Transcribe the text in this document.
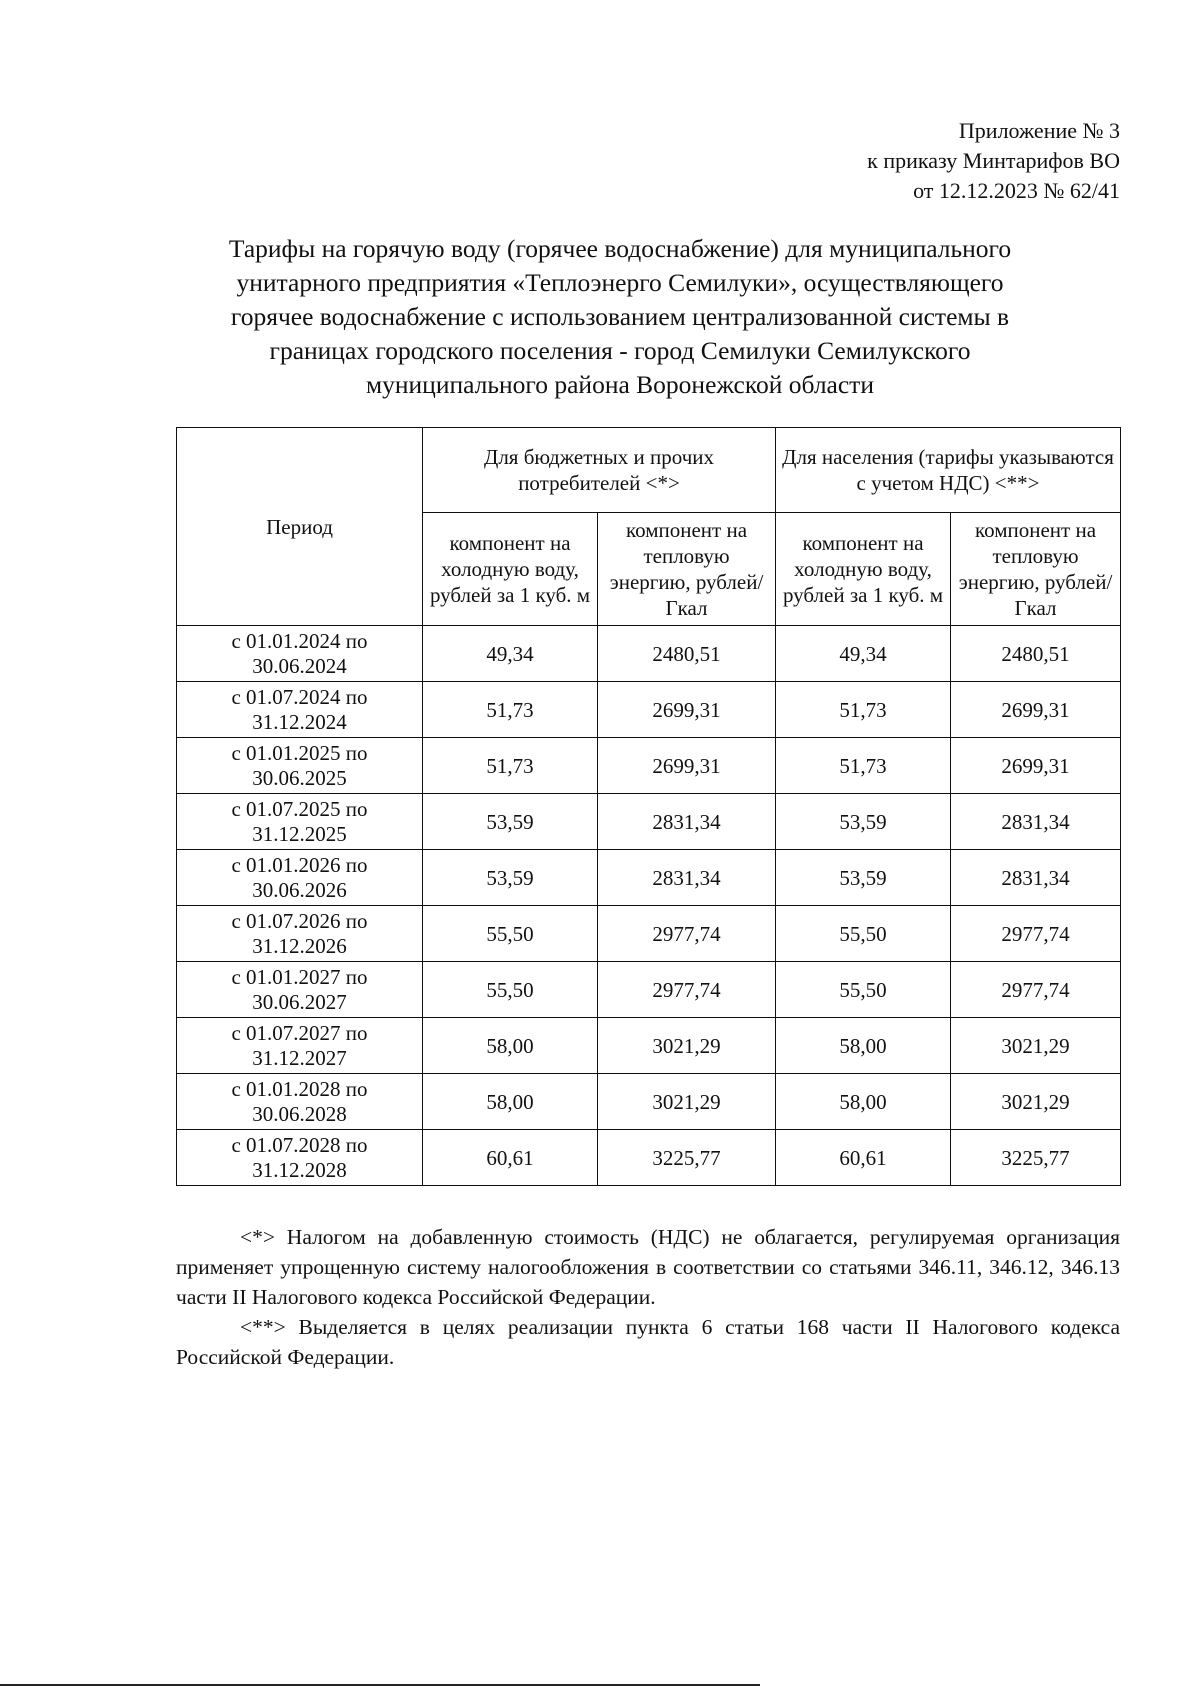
Приложение № 3
к приказу Минтарифов ВО
от 12.12.2023 № 62/41
Тарифы на горячую воду (горячее водоснабжение) для муниципального
унитарного предприятия «Теплоэнерго Семилуки», осуществляющего
горячее водоснабжение с использованием централизованной системы в
границах городского поселения - город Семилуки Семилукского
муниципального района Воронежской области
Период	Для бюджетных и прочих потребителей <*>		Для населения (тарифы указываются с учетом НДС) <**>	
	компонент на холодную воду, рублей за 1 куб. м	компонент на тепловую энергию, рублей/Гкал	компонент на холодную воду, рублей за 1 куб. м	компонент на тепловую энергию, рублей/Гкал

с 01.01.2024 по
30.06.2024	49,34	2480,51	49,34	2480,51

с 01.07.2024 по
31.12.2024	51,73	2699,31	51,73	2699,31

с 01.01.2025 по
30.06.2025	51,73	2699,31	51,73	2699,31

с 01.07.2025 по
31.12.2025	53,59	2831,34	53,59	2831,34

с 01.01.2026 по
30.06.2026	53,59	2831,34	53,59	2831,34

с 01.07.2026 по
31.12.2026	55,50	2977,74	55,50	2977,74

с 01.01.2027 по
30.06.2027	55,50	2977,74	55,50	2977,74

с 01.07.2027 по
31.12.2027	58,00	3021,29	58,00	3021,29

с 01.01.2028 по
30.06.2028	58,00	3021,29	58,00	3021,29

с 01.07.2028 по
31.12.2028	60,61	3225,77	60,61	3225,77

<*> Налогом на добавленную стоимость (НДС) не облагается, регулируемая организация применяет упрощенную систему налогообложения в соответствии со статьями 346.11, 346.12, 346.13 части II Налогового кодекса Российской Федерации.

<**> Выделяется в целях реализации пункта 6 статьи 168 части II Налогового кодекса Российской Федерации.
